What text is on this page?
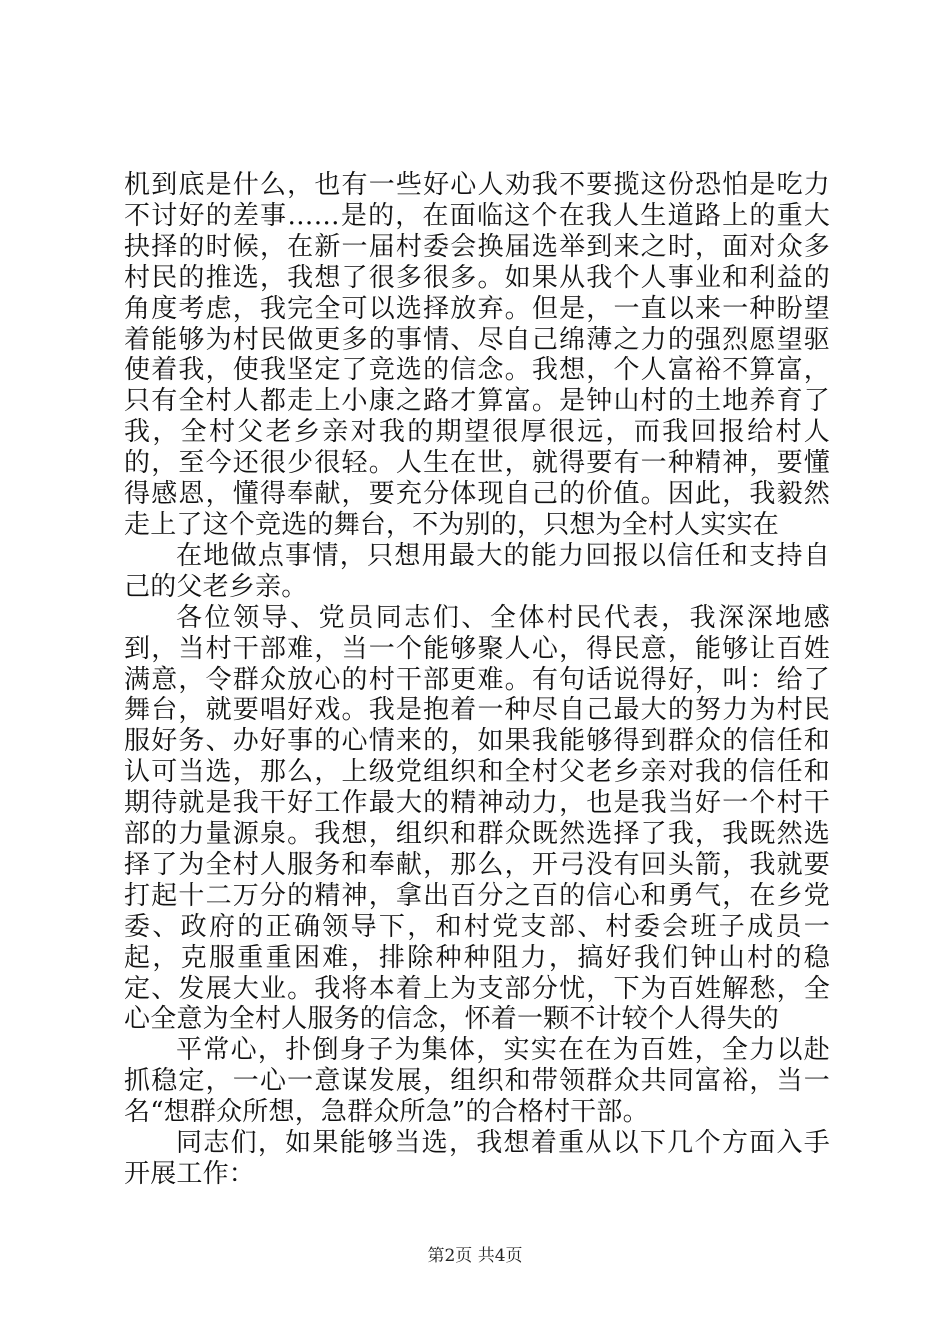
机到底是什么，也有一些好心人劝我不要揽这份恐怕是吃力不讨好的差事……是的，在面临这个在我人生道路上的重大抉择的时候，在新一届村委会换届选举到来之时，面对众多村民的推选，我想了很多很多。如果从我个人事业和利益的角度考虑，我完全可以选择放弃。但是，一直以来一种盼望着能够为村民做更多的事情、尽自己绵薄之力的强烈愿望驱使着我，使我坚定了竞选的信念。我想，个人富裕不算富，只有全村人都走上小康之路才算富。是钟山村的土地养育了我，全村父老乡亲对我的期望很厚很远，而我回报给村人的，至今还很少很轻。人生在世，就得要有一种精神，要懂得感恩，懂得奉献，要充分体现自己的价值。因此，我毅然走上了这个竞选的舞台，不为别的，只想为全村人实实在

在地做点事情，只想用最大的能力回报以信任和支持自己的父老乡亲。

各位领导、党员同志们、全体村民代表，我深深地感到，当村干部难，当一个能够聚人心，得民意，能够让百姓满意，令群众放心的村干部更难。有句话说得好，叫：给了舞台，就要唱好戏。我是抱着一种尽自己最大的努力为村民服好务、办好事的心情来的，如果我能够得到群众的信任和认可当选，那么，上级党组织和全村父老乡亲对我的信任和期待就是我干好工作最大的精神动力，也是我当好一个村干部的力量源泉。我想，组织和群众既然选择了我，我既然选择了为全村人服务和奉献，那么，开弓没有回头箭，我就要打起十二万分的精神，拿出百分之百的信心和勇气，在乡党委、政府的正确领导下，和村党支部、村委会班子成员一起，克服重重困难，排除种种阻力，搞好我们钟山村的稳定、发展大业。我将本着上为支部分忧，下为百姓解愁，全心全意为全村人服务的信念，怀着一颗不计较个人得失的

平常心，扑倒身子为集体，实实在在为百姓，全力以赴抓稳定，一心一意谋发展，组织和带领群众共同富裕，当一名“想群众所想，急群众所急”的合格村干部。

同志们，如果能够当选，我想着重从以下几个方面入手开展工作：

第2页 共4页
